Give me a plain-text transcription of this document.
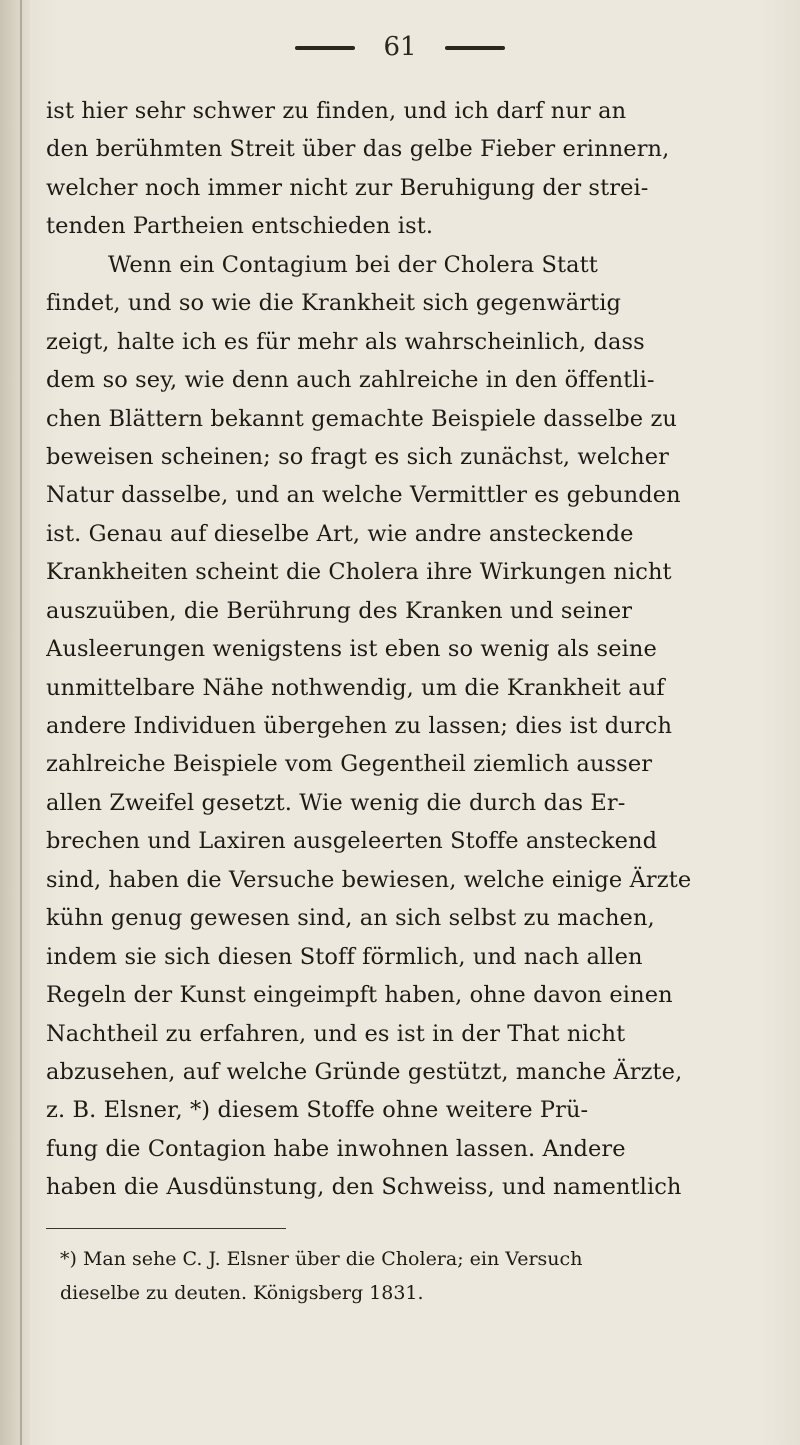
61
ist hier sehr schwer zu finden, und ich darf nur an
den berühmten Streit über das gelbe Fieber erinnern,
welcher noch immer nicht zur Beruhigung der strei-
tenden Partheien entschieden ist.
Wenn ein Contagium bei der Cholera Statt
findet, und so wie die Krankheit sich gegenwärtig
zeigt, halte ich es für mehr als wahrscheinlich, dass
dem so sey, wie denn auch zahlreiche in den öffentli-
chen Blättern bekannt gemachte Beispiele dasselbe zu
beweisen scheinen; so fragt es sich zunächst, welcher
Natur dasselbe, und an welche Vermittler es gebunden
ist. Genau auf dieselbe Art, wie andre ansteckende
Krankheiten scheint die Cholera ihre Wirkungen nicht
auszuüben, die Berührung des Kranken und seiner
Ausleerungen wenigstens ist eben so wenig als seine
unmittelbare Nähe nothwendig, um die Krankheit auf
andere Individuen übergehen zu lassen; dies ist durch
zahlreiche Beispiele vom Gegentheil ziemlich ausser
allen Zweifel gesetzt. Wie wenig die durch das Er-
brechen und Laxiren ausgeleerten Stoffe ansteckend
sind, haben die Versuche bewiesen, welche einige Ärzte
kühn genug gewesen sind, an sich selbst zu machen,
indem sie sich diesen Stoff förmlich, und nach allen
Regeln der Kunst eingeimpft haben, ohne davon einen
Nachtheil zu erfahren, und es ist in der That nicht
abzusehen, auf welche Gründe gestützt, manche Ärzte,
z. B. Elsner, *) diesem Stoffe ohne weitere Prü-
fung die Contagion habe inwohnen lassen. Andere
haben die Ausdünstung, den Schweiss, und namentlich
*) Man sehe C. J. Elsner über die Cholera; ein Versuch
dieselbe zu deuten. Königsberg 1831.
